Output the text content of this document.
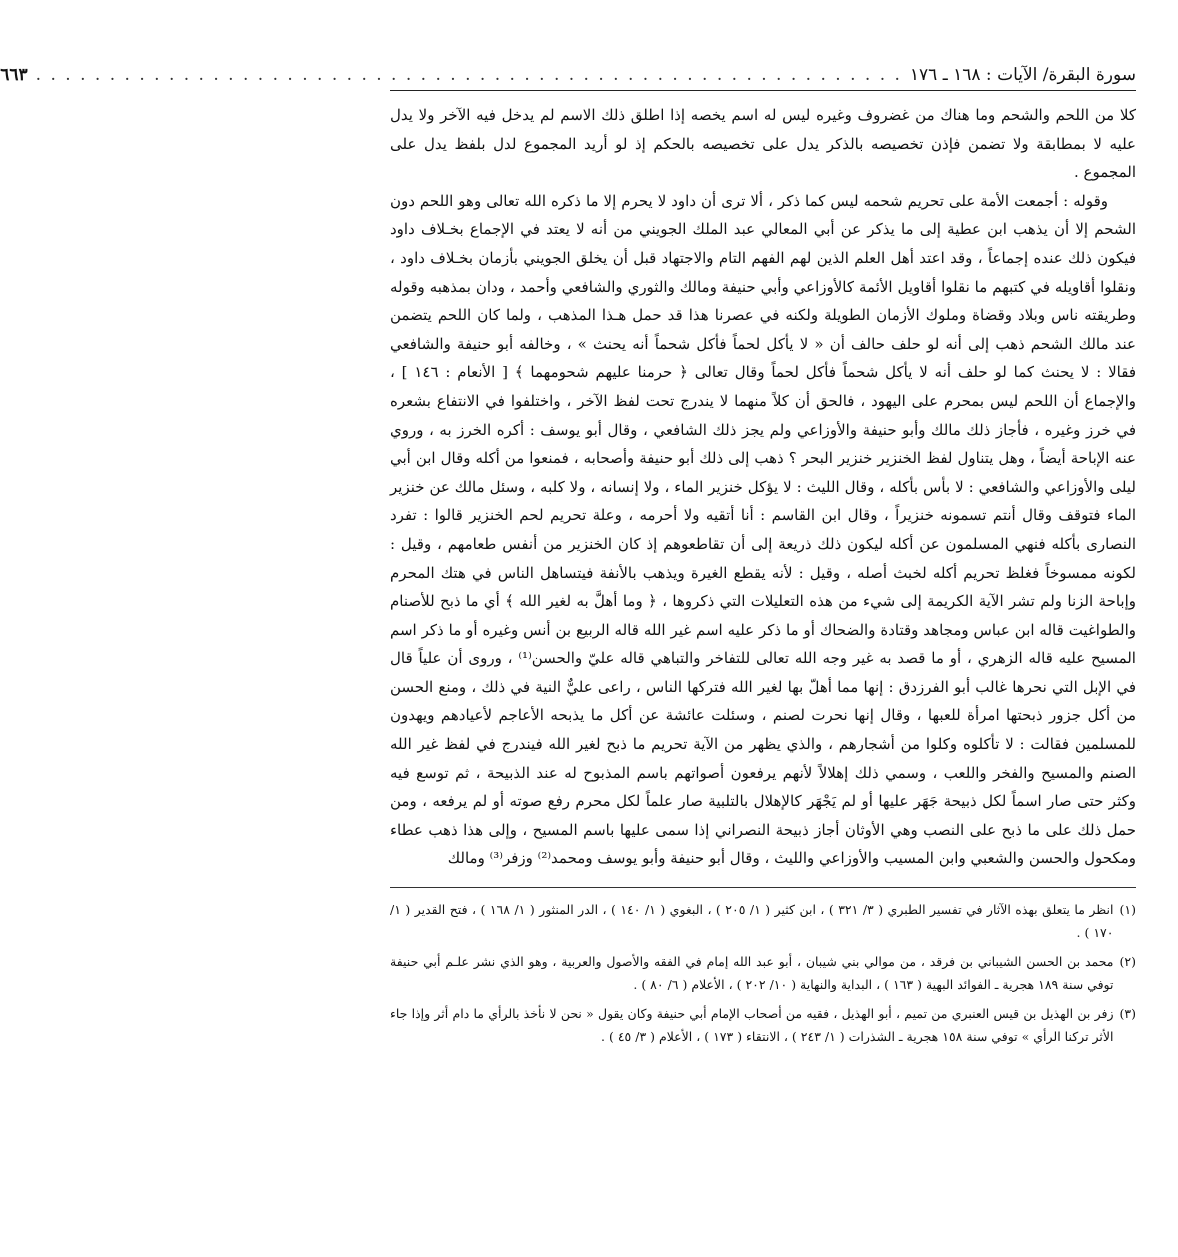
سورة البقرة/ الآيات : ١٦٨ ـ ١٧٦
. . . . . . . . . . . . . . . . . . . . . . . . . . . . . . . . . . . . . . . . . . . . . . . . . . . . . . . . . . .
٦٦٣

كلا من اللحم والشحم وما هناك من غضروف وغيره ليس له اسم يخصه إذا اطلق ذلك الاسم لم يدخل فيه الآخر ولا يدل عليه لا بمطابقة ولا تضمن فإذن تخصيصه بالذكر يدل على تخصيصه بالحكم إذ لو أريد المجموع لدل بلفظ يدل على المجموع .

وقوله : أجمعت الأمة على تحريم شحمه ليس كما ذكر ، ألا ترى أن داود لا يحرم إلا ما ذكره الله تعالى وهو اللحم دون الشحم إلا أن يذهب ابن عطية إلى ما يذكر عن أبي المعالي عبد الملك الجويني من أنه لا يعتد في الإجماع بخـلاف داود فيكون ذلك عنده إجماعاً ، وقد اعتد أهل العلم الذين لهم الفهم التام والاجتهاد قبل أن يخلق الجويني بأزمان بخـلاف داود ، ونقلوا أقاويله في كتبهم ما نقلوا أقاويل الأئمة كالأوزاعي وأبي حنيفة ومالك والثوري والشافعي وأحمد ، ودان بمذهبه وقوله وطريقته ناس وبلاد وقضاة وملوك الأزمان الطويلة ولكنه في عصرنا هذا قد حمل هـذا المذهب ، ولما كان اللحم يتضمن عند مالك الشحم ذهب إلى أنه لو حلف حالف أن « لا يأكل لحماً فأكل شحماً أنه يحنث » ، وخالفه أبو حنيفة والشافعي فقالا : لا يحنث كما لو حلف أنه لا يأكل شحماً فأكل لحماً وقال تعالى ﴿ حرمنا عليهم شحومهما ﴾ [ الأنعام : ١٤٦ ] ، والإجماع أن اللحم ليس بمحرم على اليهود ، فالحق أن كلاً منهما لا يندرج تحت لفظ الآخر ، واختلفوا في الانتفاع بشعره في خرز وغيره ، فأجاز ذلك مالك وأبو حنيفة والأوزاعي ولم يجز ذلك الشافعي ، وقال أبو يوسف : أكره الخرز به ، وروي عنه الإباحة أيضاً ، وهل يتناول لفظ الخنزير خنزير البحر ؟ ذهب إلى ذلك أبو حنيفة وأصحابه ، فمنعوا من أكله وقال ابن أبي ليلى والأوزاعي والشافعي : لا بأس بأكله ، وقال الليث : لا يؤكل خنزير الماء ، ولا إنسانه ، ولا كلبه ، وسئل مالك عن خنزير الماء فتوقف وقال أنتم تسمونه خنزيراً ، وقال ابن القاسم : أنا أتقيه ولا أحرمه ، وعلة تحريم لحم الخنزير قالوا : تفرد النصارى بأكله فنهي المسلمون عن أكله ليكون ذلك ذريعة إلى أن تقاطعوهم إذ كان الخنزير من أنفس طعامهم ، وقيل : لكونه ممسوخاً فغلظ تحريم أكله لخبث أصله ، وقيل : لأنه يقطع الغيرة ويذهب بالأنفة فيتساهل الناس في هتك المحرم وإباحة الزنا ولم تشر الآية الكريمة إلى شيء من هذه التعليلات التي ذكروها ، ﴿ وما أهلَّ به لغير الله ﴾ أي ما ذبح للأصنام والطواغيت قاله ابن عباس ومجاهد وقتادة والضحاك أو ما ذكر عليه اسم غير الله قاله الربيع بن أنس وغيره أو ما ذكر اسم المسيح عليه قاله الزهري ، أو ما قصد به غير وجه الله تعالى للتفاخر والتباهي قاله عليّ والحسن⁽¹⁾ ، وروى أن علياً قال في الإبل التي نحرها غالب أبو الفرزدق : إنها مما أهلّ بها لغير الله فتركها الناس ، راعى عليٌّ النية في ذلك ، ومنع الحسن من أكل جزور ذبحتها امرأة للعبها ، وقال إنها نحرت لصنم ، وسئلت عائشة عن أكل ما يذبحه الأعاجم لأعيادهم ويهدون للمسلمين فقالت : لا تأكلوه وكلوا من أشجارهم ، والذي يظهر من الآية تحريم ما ذبح لغير الله فيندرج في لفظ غير الله الصنم والمسيح والفخر واللعب ، وسمي ذلك إهلالاً لأنهم يرفعون أصواتهم باسم المذبوح له عند الذبيحة ، ثم توسع فيه وكثر حتى صار اسماً لكل ذبيحة جَهَر عليها أو لم يَجْهَر كالإهلال بالتلبية صار علماً لكل محرم رفع صوته أو لم يرفعه ، ومن حمل ذلك على ما ذبح على النصب وهي الأوثان أجاز ذبيحة النصراني إذا سمى عليها باسم المسيح ، وإلى هذا ذهب عطاء ومكحول والحسن والشعبي وابن المسيب والأوزاعي والليث ، وقال أبو حنيفة وأبو يوسف ومحمد⁽²⁾ وزفر⁽³⁾ ومالك

(١)
انظر ما يتعلق بهذه الآثار في تفسير الطبري ( ٣/ ٣٢١ ) ، ابن كثير ( ١/ ٢٠٥ ) ، البغوي ( ١/ ١٤٠ ) ، الدر المنثور ( ١/ ١٦٨ ) ، فتح القدير ( ١/ ١٧٠ ) .
(٢)
محمد بن الحسن الشيباني بن فرقد ، من موالي بني شيبان ، أبو عبد الله إمام في الفقه والأصول والعربية ، وهو الذي نشر علـم أبي حنيفة توفي سنة ١٨٩ هجرية ـ الفوائد البهية ( ١٦٣ ) ، البداية والنهاية ( ١٠/ ٢٠٢ ) ، الأعلام ( ٦/ ٨٠ ) .
(٣)
زفر بن الهذيل بن قيس العنبري من تميم ، أبو الهذيل ، فقيه من أصحاب الإمام أبي حنيفة وكان يقول « نحن لا نأخذ بالرأي ما دام أثر وإذا جاء الأثر تركنا الرأي » توفي سنة ١٥٨ هجرية ـ الشذرات ( ١/ ٢٤٣ ) ، الانتقاء ( ١٧٣ ) ، الأعلام ( ٣/ ٤٥ ) .
